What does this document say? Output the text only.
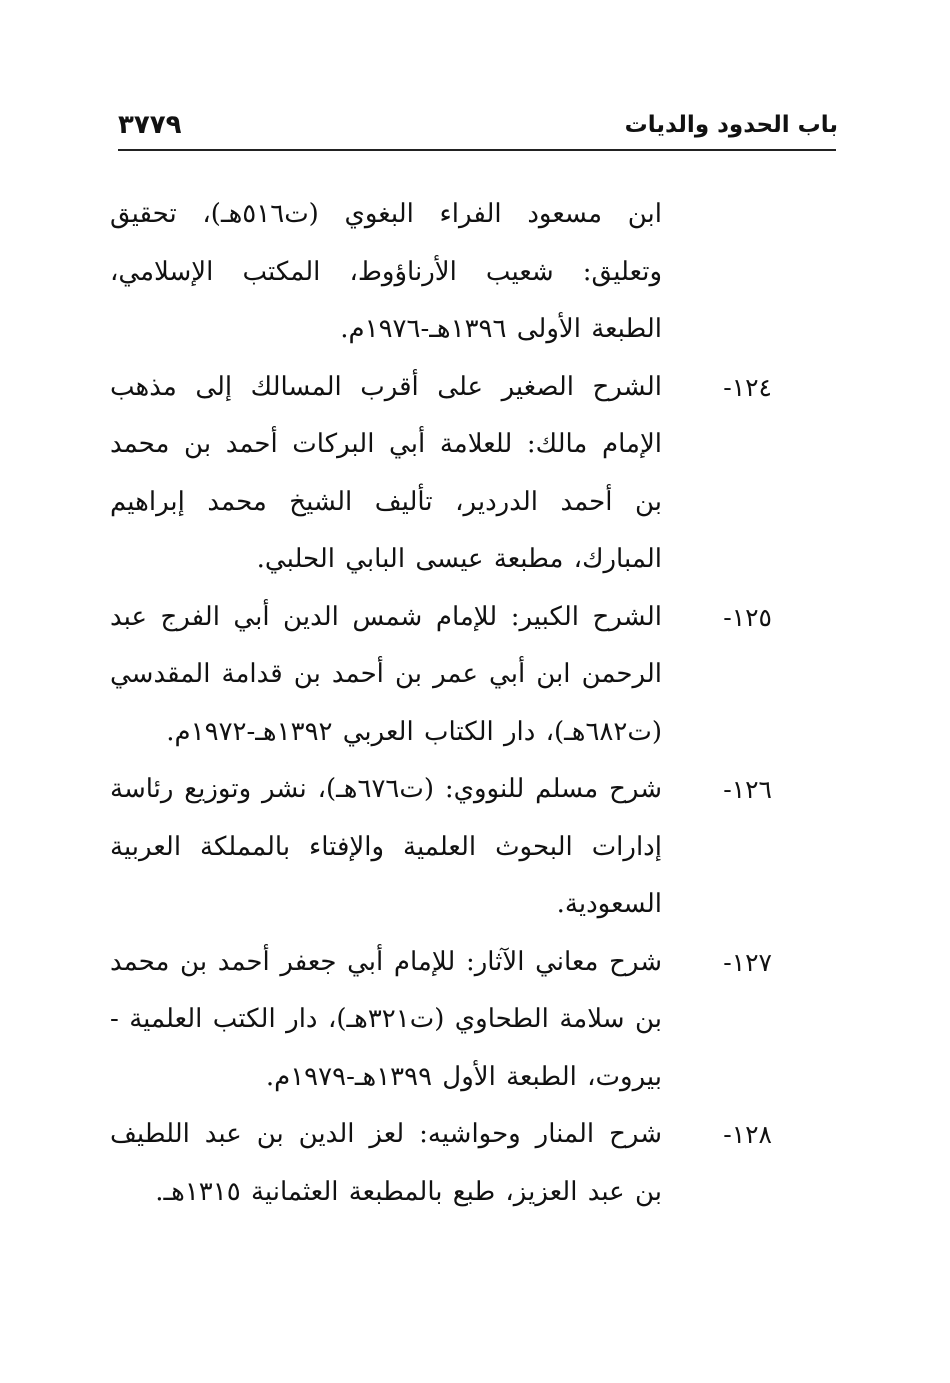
باب الحدود والديات
٣٧٧٩
ابن مسعود الفراء البغوي (ت٥١٦هـ)، تحقيق وتعليق: شعيب الأرناؤوط، المكتب الإسلامي، الطبعة الأولى ١٣٩٦هـ-١٩٧٦م.
١٢٤-
الشرح الصغير على أقرب المسالك إلى مذهب الإمام مالك: للعلامة أبي البركات أحمد بن محمد بن أحمد الدردير، تأليف الشيخ محمد إبراهيم المبارك، مطبعة عيسى البابي الحلبي.
١٢٥-
الشرح الكبير: للإمام شمس الدين أبي الفرج عبد الرحمن ابن أبي عمر بن أحمد بن قدامة المقدسي (ت٦٨٢هـ)، دار الكتاب العربي ١٣٩٢هـ-١٩٧٢م.
١٢٦-
شرح مسلم للنووي: (ت٦٧٦هـ)، نشر وتوزيع رئاسة إدارات البحوث العلمية والإفتاء بالمملكة العربية السعودية.
١٢٧-
شرح معاني الآثار: للإمام أبي جعفر أحمد بن محمد بن سلامة الطحاوي (ت٣٢١هـ)، دار الكتب العلمية - بيروت، الطبعة الأول ١٣٩٩هـ-١٩٧٩م.
١٢٨-
شرح المنار وحواشيه: لعز الدين بن عبد اللطيف بن عبد العزيز، طبع بالمطبعة العثمانية ١٣١٥هـ.
